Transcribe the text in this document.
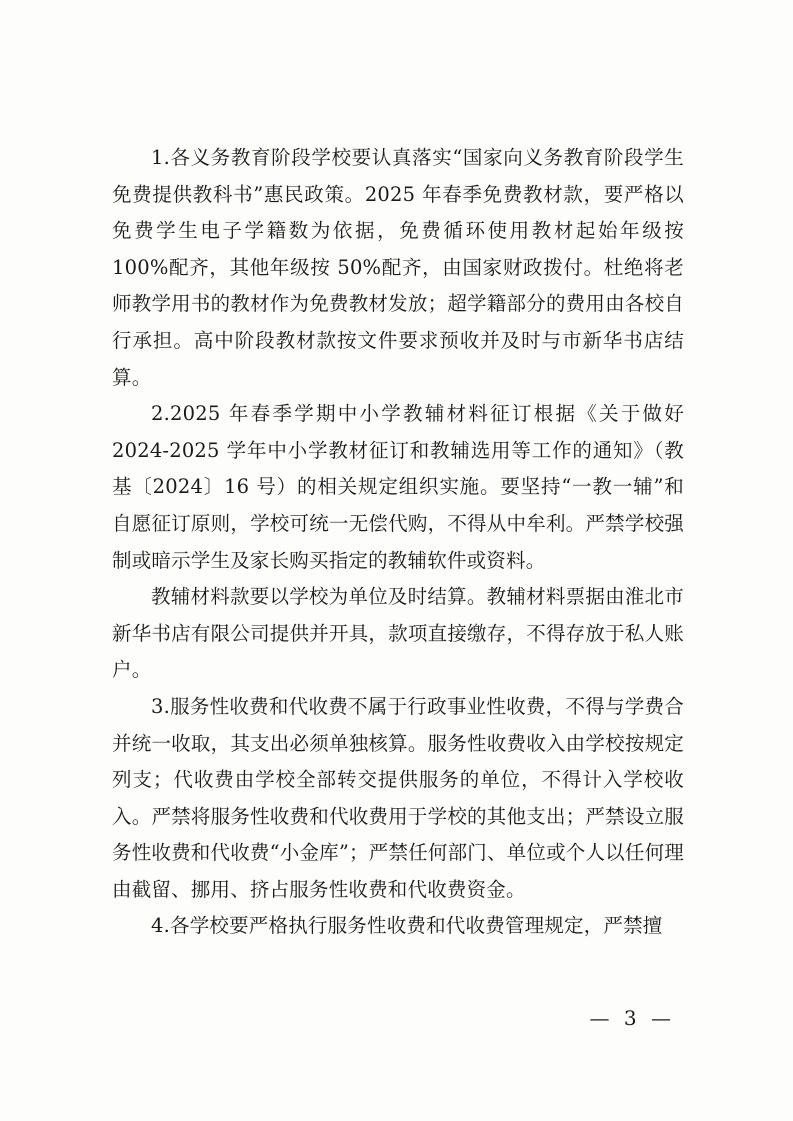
1.各义务教育阶段学校要认真落实“国家向义务教育阶段学生免费提供教科书”惠民政策。2025 年春季免费教材款，要严格以免费学生电子学籍数为依据，免费循环使用教材起始年级按 100%配齐，其他年级按 50%配齐，由国家财政拨付。杜绝将老师教学用书的教材作为免费教材发放；超学籍部分的费用由各校自行承担。高中阶段教材款按文件要求预收并及时与市新华书店结算。

2.2025 年春季学期中小学教辅材料征订根据《关于做好 2024-2025 学年中小学教材征订和教辅选用等工作的通知》（教基〔2024〕16 号）的相关规定组织实施。要坚持“一教一辅”和自愿征订原则，学校可统一无偿代购，不得从中牟利。严禁学校强制或暗示学生及家长购买指定的教辅软件或资料。

教辅材料款要以学校为单位及时结算。教辅材料票据由淮北市新华书店有限公司提供并开具，款项直接缴存，不得存放于私人账户。

3.服务性收费和代收费不属于行政事业性收费，不得与学费合并统一收取，其支出必须单独核算。服务性收费收入由学校按规定列支；代收费由学校全部转交提供服务的单位，不得计入学校收入。严禁将服务性收费和代收费用于学校的其他支出；严禁设立服务性收费和代收费“小金库”；严禁任何部门、单位或个人以任何理由截留、挪用、挤占服务性收费和代收费资金。

4.各学校要严格执行服务性收费和代收费管理规定，严禁擅

— 3 —
